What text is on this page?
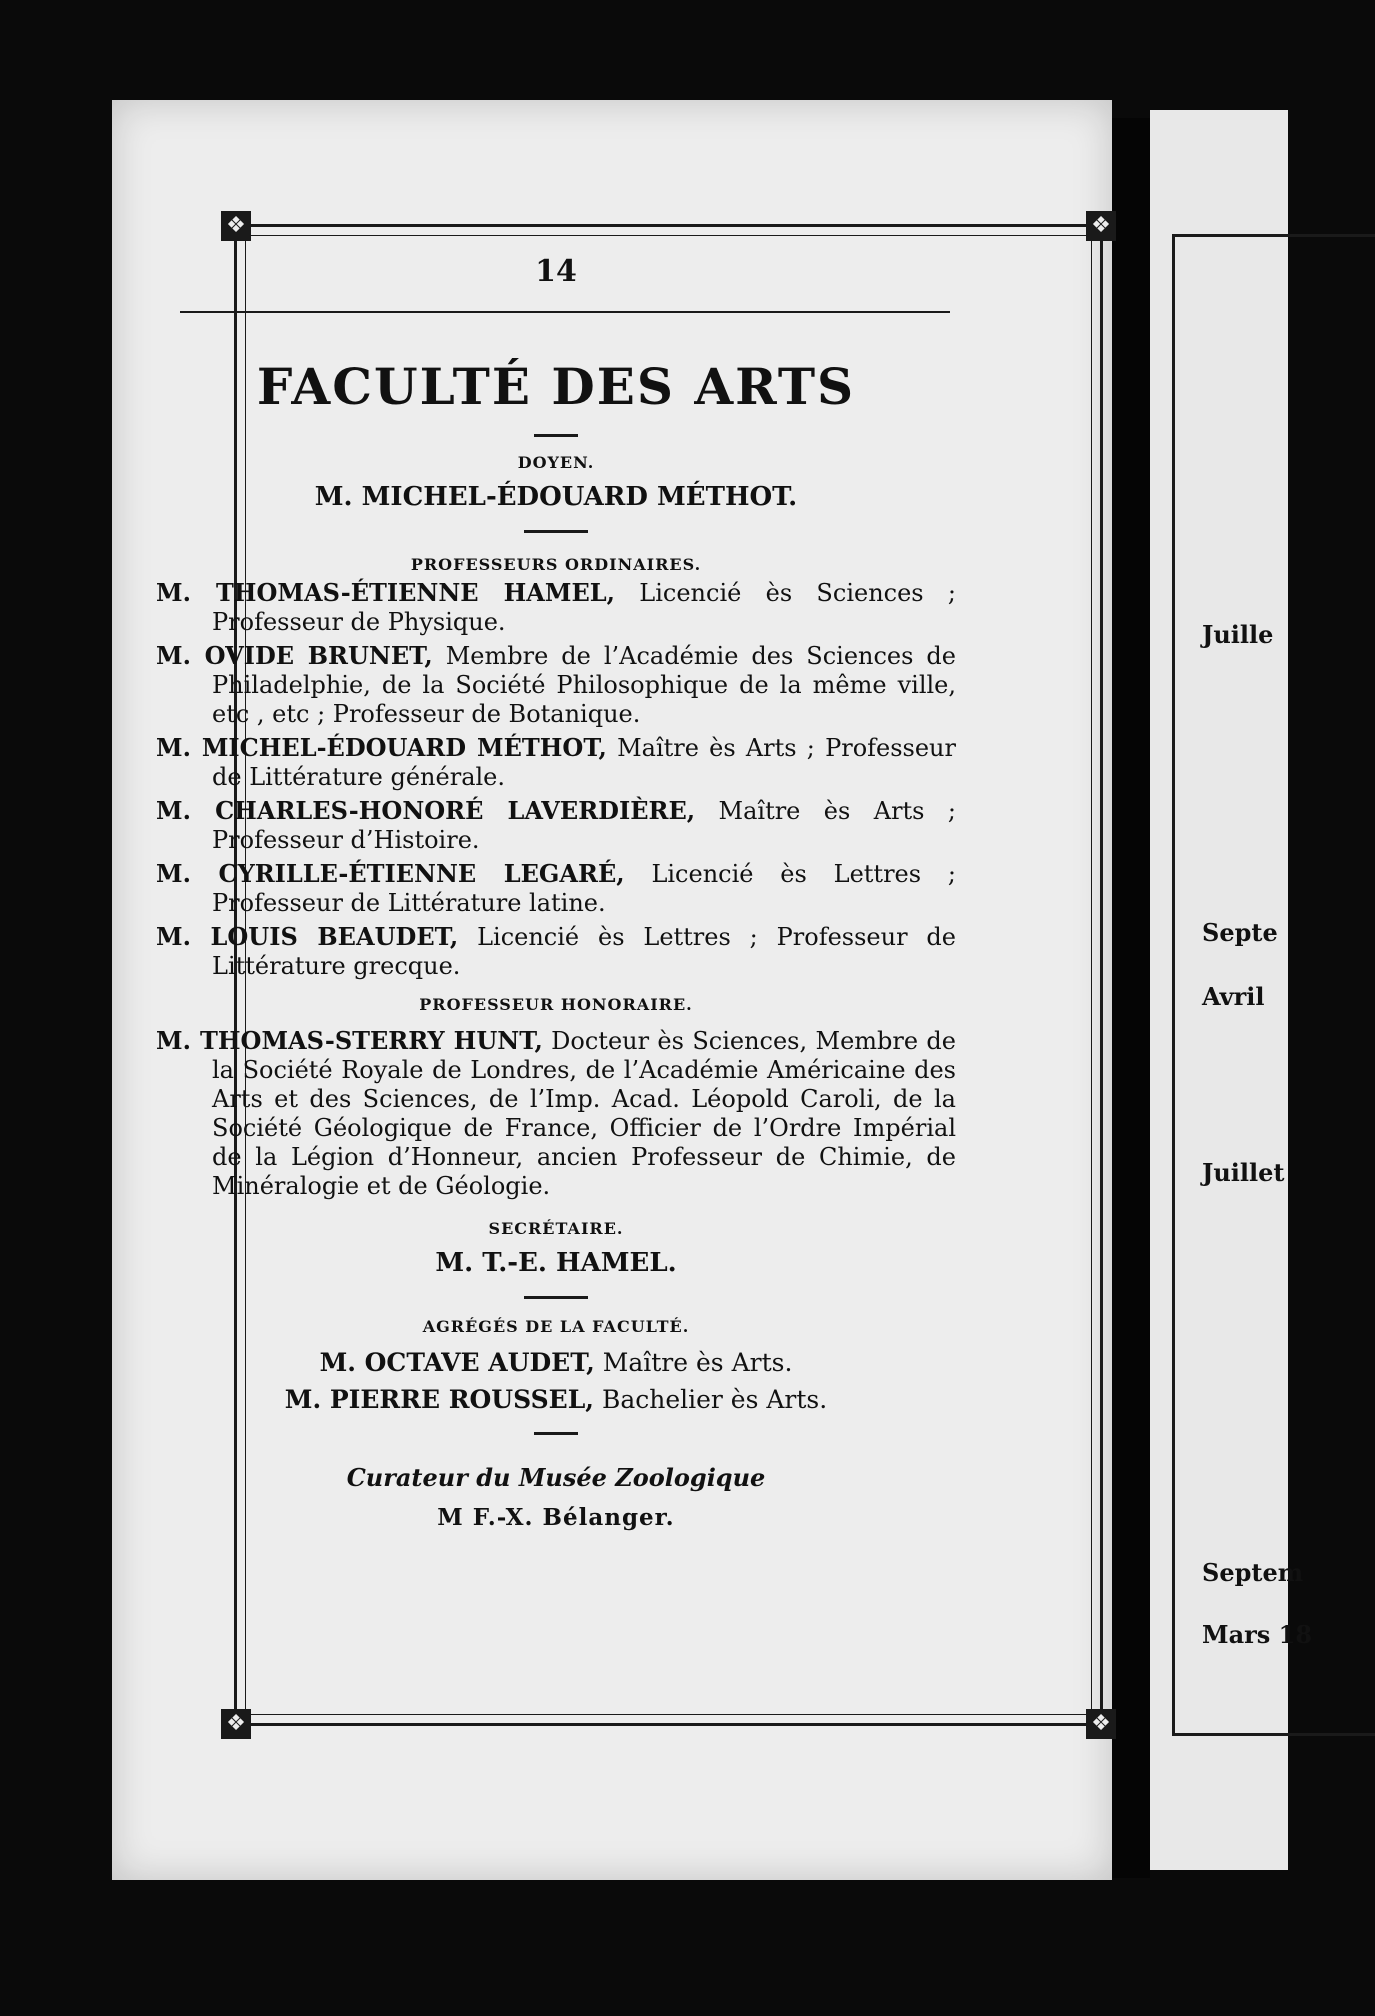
Juille
Septe
Avril
Juillet
Septem
Mars 18
❖	❖
❖	❖
14
FACULTÉ DES ARTS
DOYEN.
M. MICHEL-ÉDOUARD MÉTHOT.
PROFESSEURS ORDINAIRES.

M. THOMAS-ÉTIENNE HAMEL, Licencié ès Sciences ; Professeur de Physique.

M. OVIDE BRUNET, Membre de l’Académie des Sciences de Philadelphie, de la Société Philosophique de la même ville, etc , etc ; Professeur de Botanique.

M. MICHEL-ÉDOUARD MÉTHOT, Maître ès Arts ; Professeur de Littérature générale.

M. CHARLES-HONORÉ LAVERDIÈRE, Maître ès Arts ; Professeur d’Histoire.

M. CYRILLE-ÉTIENNE LEGARÉ, Licencié ès Lettres ; Professeur de Littérature latine.

M. LOUIS BEAUDET, Licencié ès Lettres ; Professeur de Littérature grecque.

PROFESSEUR HONORAIRE.

M. THOMAS-STERRY HUNT, Docteur ès Sciences, Membre de la Société Royale de Londres, de l’Académie Américaine des Arts et des Sciences, de l’Imp. Acad. Léopold Caroli, de la Société Géologique de France, Officier de l’Ordre Impérial de la Légion d’Honneur, ancien Professeur de Chimie, de Minéralogie et de Géologie.

SECRÉTAIRE.
M. T.-E. HAMEL.
AGRÉGÉS DE LA FACULTÉ.
M. OCTAVE AUDET, Maître ès Arts.
M. PIERRE ROUSSEL, Bachelier ès Arts.
Curateur du Musée Zoologique
M F.-X. Bélanger.
